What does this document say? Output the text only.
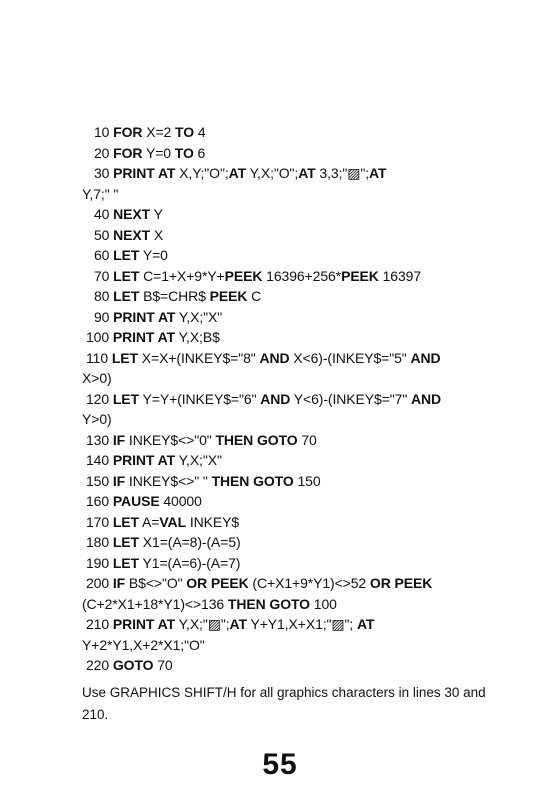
10 FOR X=2 TO 4
20 FOR Y=0 TO 6
30 PRINT AT X,Y;"O";AT Y,X;"O";AT 3,3;"▨";AT
Y,7;" "
40 NEXT Y
50 NEXT X
60 LET Y=0
70 LET C=1+X+9*Y+PEEK 16396+256*PEEK 16397
80 LET B$=CHR$ PEEK C
90 PRINT AT Y,X;"X"
100 PRINT AT Y,X;B$
110 LET X=X+(INKEY$="8" AND X<6)-(INKEY$="5" AND
X>0)
120 LET Y=Y+(INKEY$="6" AND Y<6)-(INKEY$="7" AND
Y>0)
130 IF INKEY$<>"0" THEN GOTO 70
140 PRINT AT Y,X;"X"
150 IF INKEY$<>" " THEN GOTO 150
160 PAUSE 40000
170 LET A=VAL INKEY$
180 LET X1=(A=8)-(A=5)
190 LET Y1=(A=6)-(A=7)
200 IF B$<>"O" OR PEEK (C+X1+9*Y1)<>52 OR PEEK
(C+2*X1+18*Y1)<>136 THEN GOTO 100
210 PRINT AT Y,X;"▨";AT Y+Y1,X+X1;"▨"; AT
Y+2*Y1,X+2*X1;"O"
220 GOTO 70

Use GRAPHICS SHIFT/H for all graphics characters in lines 30 and 210.

55
